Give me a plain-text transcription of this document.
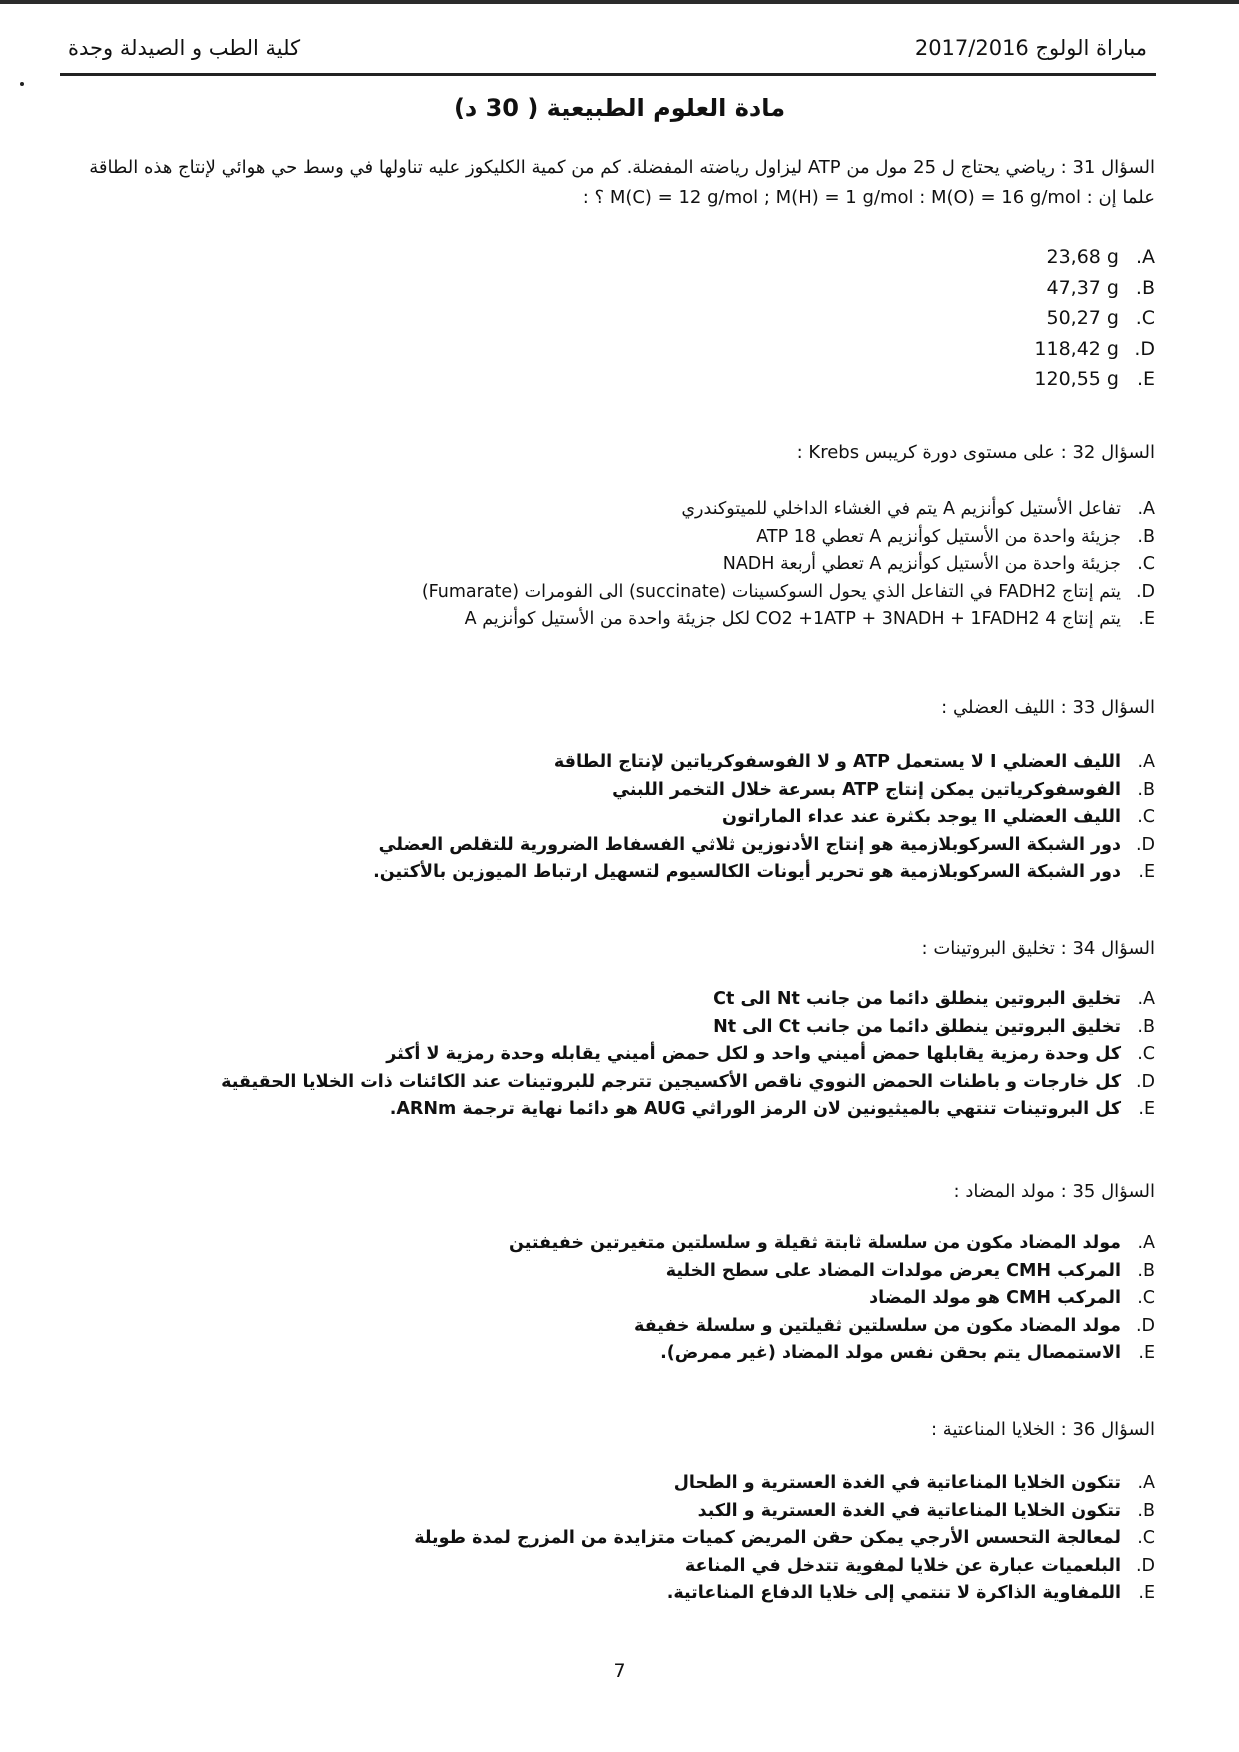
كلية الطب و الصيدلة وجدة	مباراة الولوج 2017/2016
مادة العلوم الطبيعية ( 30 د)
السؤال 31 : رياضي يحتاج ل 25 مول من ATP ليزاول رياضته المفضلة. كم من كمية الكليكوز عليه تناولها في وسط حي هوائي لإنتاج هذه الطاقة
علما إن : M(C) = 12 g/mol ; M(H) = 1 g/mol : M(O) = 16 g/mol ؟ :
23,68 g .A
47,37 g .B
50,27 g .C
118,42 g .D
120,55 g .E
السؤال 32 : على مستوى دورة كريبس Krebs :
A.تفاعل الأستيل كوأنزيم A يتم في الغشاء الداخلي للميتوكندري
B.جزيئة واحدة من الأستيل كوأنزيم A تعطي 18 ATP
C.جزيئة واحدة من الأستيل كوأنزيم A تعطي أربعة NADH
D.يتم إنتاج FADH2 في التفاعل الذي يحول السوكسينات (succinate) الى الفومرات (Fumarate)
E.يتم إنتاج 4 CO2 +1ATP + 3NADH + 1FADH2 لكل جزيئة واحدة من الأستيل كوأنزيم A
السؤال 33 : الليف العضلي :
A.الليف العضلي I لا يستعمل ATP و لا الفوسفوكرياتين لإنتاج الطاقة
B.الفوسفوكرياتين يمكن إنتاج ATP بسرعة خلال التخمر اللبني
C.الليف العضلي II يوجد بكثرة عند عداء الماراتون
D.دور الشبكة السركوبلازمية هو إنتاج الأدنوزين ثلاثي الفسفاط الضرورية للتقلص العضلي
E.دور الشبكة السركوبلازمية هو تحرير أيونات الكالسيوم لتسهيل ارتباط الميوزين بالأكتين.
السؤال 34 : تخليق البروتينات :
A.تخليق البروتين ينطلق دائما من جانب Nt الى Ct
B.تخليق البروتين ينطلق دائما من جانب Ct الى Nt
C.كل وحدة رمزية يقابلها حمض أميني واحد و لكل حمض أميني يقابله وحدة رمزية لا أكثر
D.كل خارجات و باطنات الحمض النووي ناقص الأكسيجين تترجم للبروتينات عند الكائنات ذات الخلايا الحقيقية
E.كل البروتينات تنتهي بالميثيونين لان الرمز الوراثي AUG هو دائما نهاية ترجمة ARNm.
السؤال 35 : مولد المضاد :
A.مولد المضاد مكون من سلسلة ثابتة ثقيلة و سلسلتين متغيرتين خفيفتين
B.المركب CMH يعرض مولدات المضاد على سطح الخلية
C.المركب CMH هو مولد المضاد
D.مولد المضاد مكون من سلسلتين ثقيلتين و سلسلة خفيفة
E.الاستمصال يتم بحقن نفس مولد المضاد (غير ممرض).
السؤال 36 : الخلايا المناعتية :
A.تتكون الخلايا المناعاتية في الغدة العسترية و الطحال
B.تتكون الخلايا المناعاتية في الغدة العسترية و الكبد
C.لمعالجة التحسس الأرجي يمكن حقن المريض كميات متزايدة من المزرج لمدة طويلة
D.البلعميات عبارة عن خلايا لمفوية تتدخل في المناعة
E.اللمفاوية الذاكرة لا تنتمي إلى خلايا الدفاع المناعاتية.
7
